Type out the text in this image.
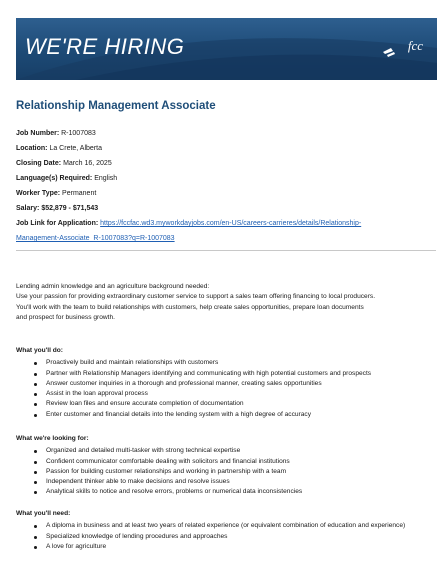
WE'RE HIRING	fcc
Relationship Management Associate
Job Number: R-1007083
Location: La Crete, Alberta
Closing Date: March 16, 2025
Language(s) Required: English
Worker Type: Permanent
Salary: $52,879 - $71,543
Job Link for Application: https://fccfac.wd3.myworkdayjobs.com/en-US/careers-carrieres/details/Relationship-
Management-Associate_R-1007083?q=R-1007083
Lending admin knowledge and an agriculture background needed:
Use your passion for providing extraordinary customer service to support a sales team offering financing to local producers.
You'll work with the team to build relationships with customers, help create sales opportunities, prepare loan documents
and prospect for business growth.
What you'll do:
Proactively build and maintain relationships with customers
Partner with Relationship Managers identifying and communicating with high potential customers and prospects
Answer customer inquiries in a thorough and professional manner, creating sales opportunities
Assist in the loan approval process
Review loan files and ensure accurate completion of documentation
Enter customer and financial details into the lending system with a high degree of accuracy
What we're looking for:
Organized and detailed multi-tasker with strong technical expertise
Confident communicator comfortable dealing with solicitors and financial institutions
Passion for building customer relationships and working in partnership with a team
Independent thinker able to make decisions and resolve issues
Analytical skills to notice and resolve errors, problems or numerical data inconsistencies
What you'll need:
A diploma in business and at least two years of related experience (or equivalent combination of education and experience)
Specialized knowledge of lending procedures and approaches
A love for agriculture
